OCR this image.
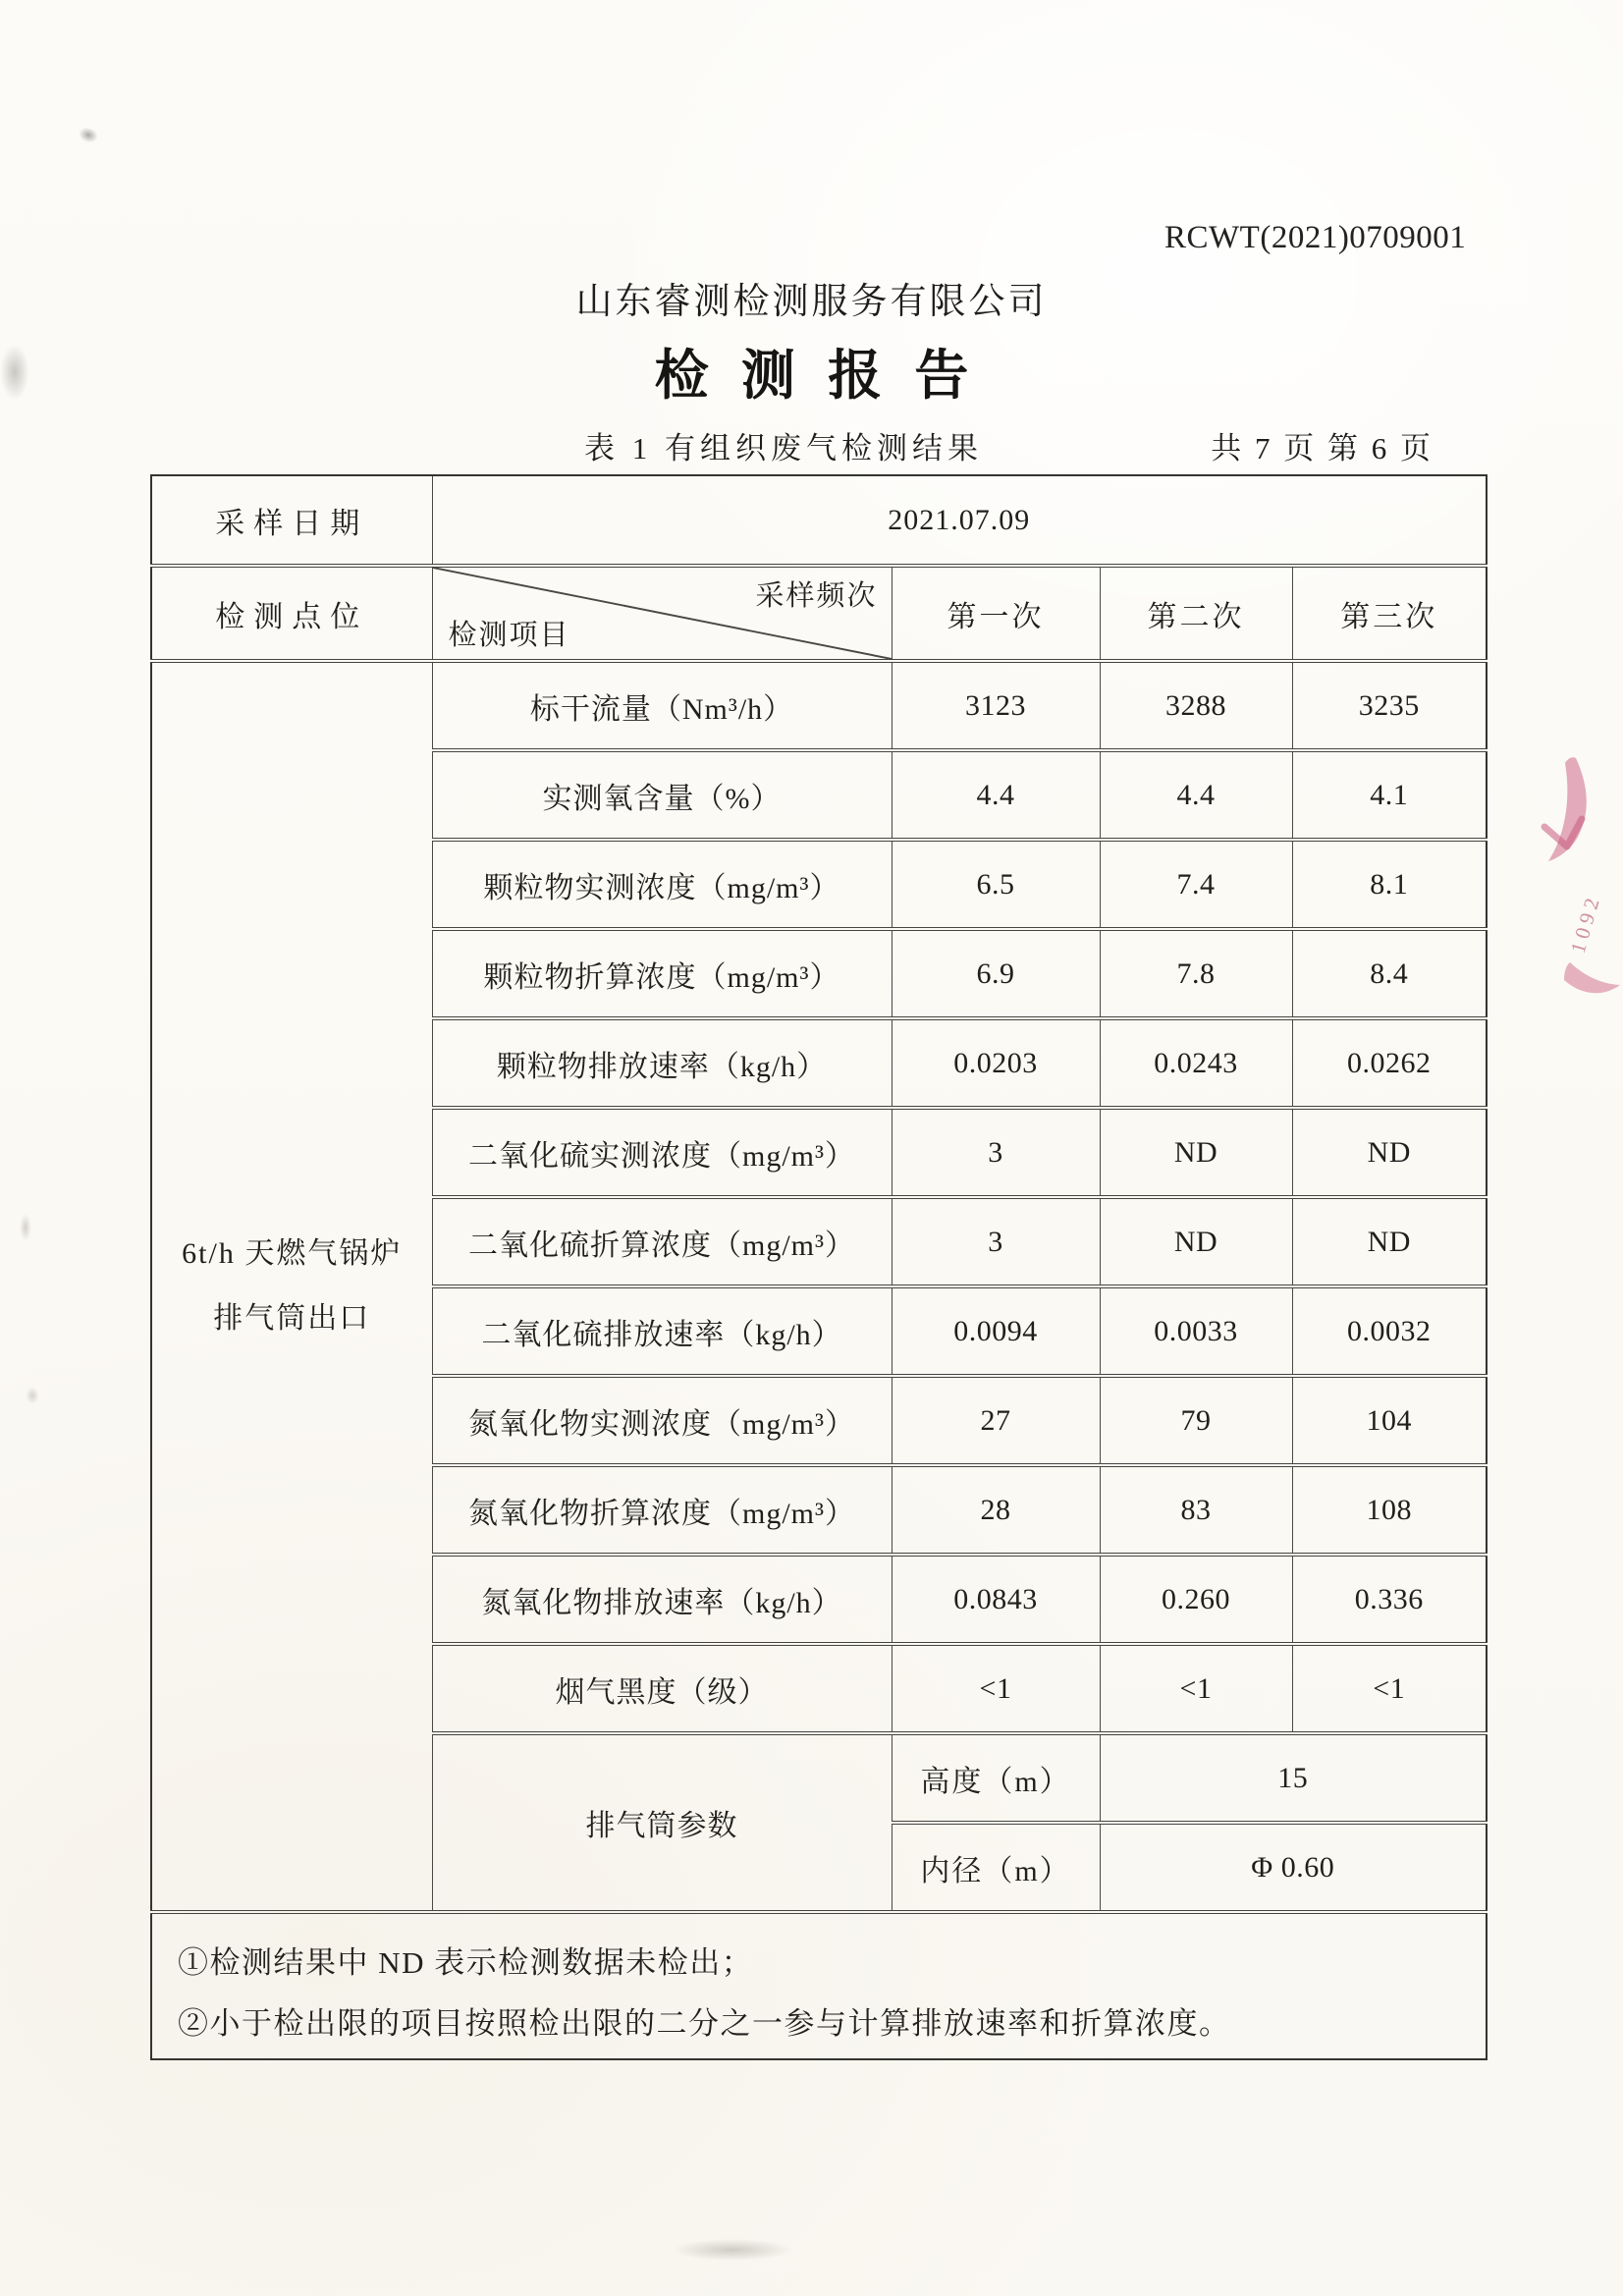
RCWT(2021)0709001
山东睿测检测服务有限公司
检 测 报 告
表 1 有组织废气检测结果	共 7 页 第 6 页
采样日期	2021.07.09			
检测点位	采样频次
检测项目	第一次	第二次	第三次

6t/h 天燃气锅炉
排气筒出口	标干流量（Nm³/h）	3123	3288	3235
	实测氧含量（%）	4.4	4.4	4.1
	颗粒物实测浓度（mg/m³）	6.5	7.4	8.1
	颗粒物折算浓度（mg/m³）	6.9	7.8	8.4
	颗粒物排放速率（kg/h）	0.0203	0.0243	0.0262
	二氧化硫实测浓度（mg/m³）	3	ND	ND
	二氧化硫折算浓度（mg/m³）	3	ND	ND
	二氧化硫排放速率（kg/h）	0.0094	0.0033	0.0032
	氮氧化物实测浓度（mg/m³）	27	79	104
	氮氧化物折算浓度（mg/m³）	28	83	108
	氮氧化物排放速率（kg/h）	0.0843	0.260	0.336
	烟气黑度（级）	<1	<1	<1
	排气筒参数	高度（m）	15	
		内径（m）	Φ 0.60	

①检测结果中 ND 表示检测数据未检出；
②小于检出限的项目按照检出限的二分之一参与计算排放速率和折算浓度。				
1092
